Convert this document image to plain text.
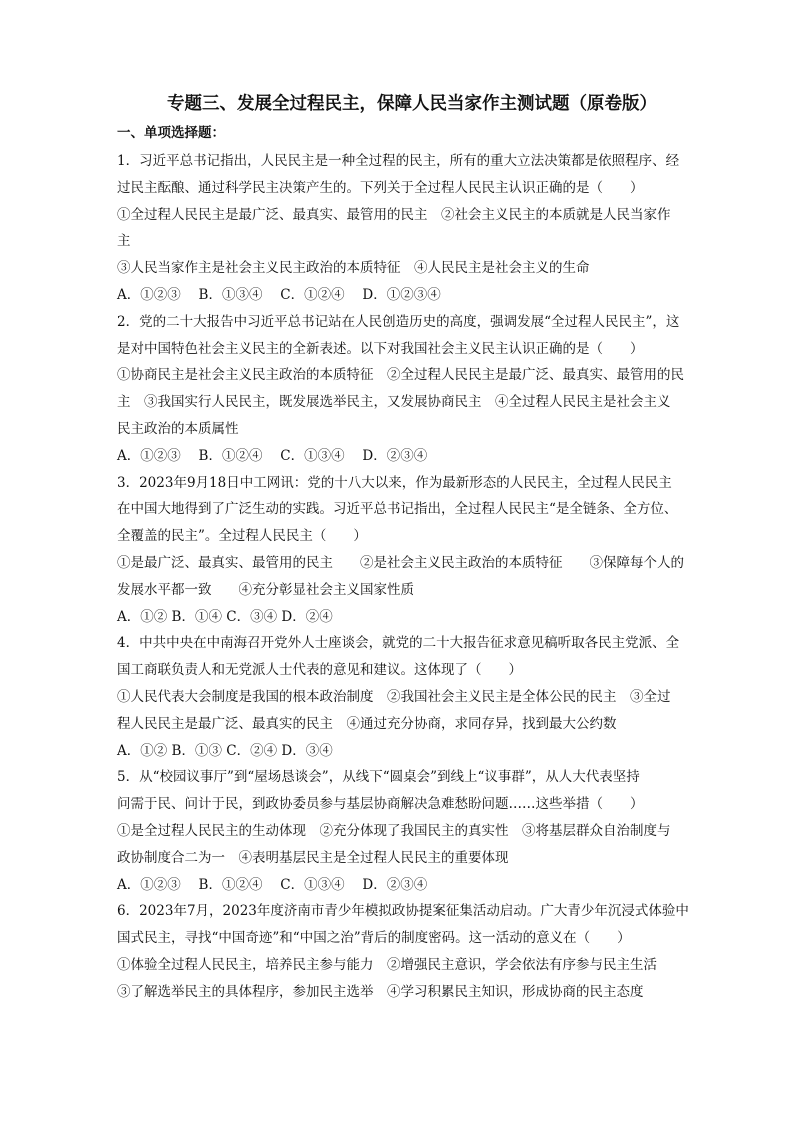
专题三、发展全过程民主，保障人民当家作主测试题（原卷版）
一、单项选择题：
1．习近平总书记指出，人民民主是一种全过程的民主，所有的重大立法决策都是依照程序、经
过民主酝酿、通过科学民主决策产生的。下列关于全过程人民民主认识正确的是（　　）
①全过程人民民主是最广泛、最真实、最管用的民主　②社会主义民主的本质就是人民当家作
主
③人民当家作主是社会主义民主政治的本质特征　④人民民主是社会主义的生命
A．①②③　 B．①③④　 C．①②④　 D．①②③④
2．党的二十大报告中习近平总书记站在人民创造历史的高度，强调发展“全过程人民民主”，这
是对中国特色社会主义民主的全新表述。以下对我国社会主义民主认识正确的是（　　）
①协商民主是社会主义民主政治的本质特征　②全过程人民民主是最广泛、最真实、最管用的民
主　③我国实行人民民主，既发展选举民主，又发展协商民主　④全过程人民民主是社会主义
民主政治的本质属性
A．①②③　 B．①②④　 C．①③④　 D．②③④
3．2023年9月18日中工网讯：党的十八大以来，作为最新形态的人民民主，全过程人民民主
在中国大地得到了广泛生动的实践。习近平总书记指出，全过程人民民主“是全链条、全方位、
全覆盖的民主”。全过程人民民主（　　）
①是最广泛、最真实、最管用的民主　　②是社会主义民主政治的本质特征　　③保障每个人的
发展水平都一致　　④充分彰显社会主义国家性质
A．①② B．①④ C．③④ D．②④
4．中共中央在中南海召开党外人士座谈会，就党的二十大报告征求意见稿听取各民主党派、全
国工商联负责人和无党派人士代表的意见和建议。这体现了（　　）
①人民代表大会制度是我国的根本政治制度　②我国社会主义民主是全体公民的民主　③全过
程人民民主是最广泛、最真实的民主　④通过充分协商，求同存异，找到最大公约数
A．①② B．①③ C．②④ D．③④
5．从“校园议事厅”到“屋场恳谈会”，从线下“圆桌会”到线上“议事群”，从人大代表坚持
问需于民、问计于民，到政协委员参与基层协商解决急难愁盼问题……这些举措（　　）
①是全过程人民民主的生动体现　②充分体现了我国民主的真实性　③将基层群众自治制度与
政协制度合二为一　④表明基层民主是全过程人民民主的重要体现
A．①②③　 B．①②④　 C．①③④　 D．②③④
6．2023年7月，2023年度济南市青少年模拟政协提案征集活动启动。广大青少年沉浸式体验中
国式民主，寻找“中国奇迹”和“中国之治”背后的制度密码。这一活动的意义在（　　）
①体验全过程人民民主，培养民主参与能力　②增强民主意识，学会依法有序参与民主生活
③了解选举民主的具体程序，参加民主选举　④学习积累民主知识，形成协商的民主态度
